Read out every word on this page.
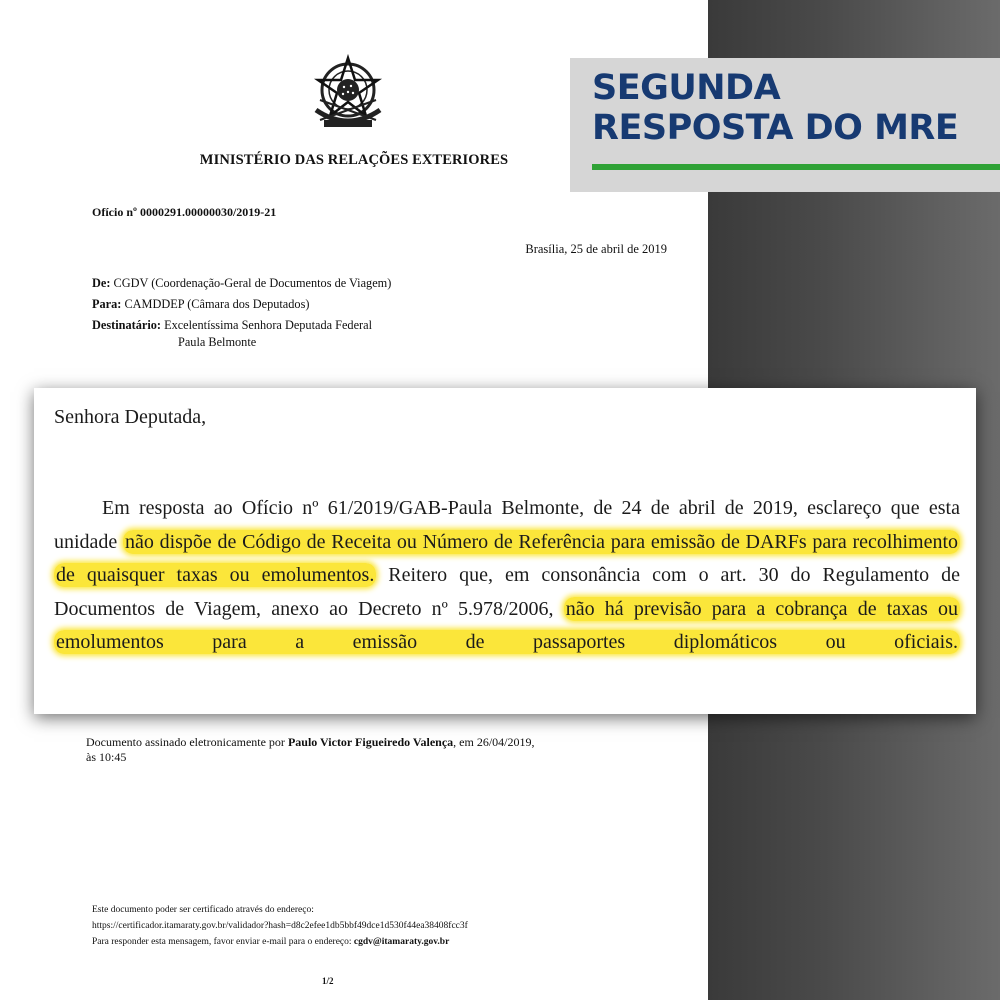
MINISTÉRIO DAS RELAÇÕES EXTERIORES
Ofício nº 0000291.00000030/2019-21
Brasília, 25 de abril de 2019
De: CGDV (Coordenação-Geral de Documentos de Viagem)
Para: CAMDDEP (Câmara dos Deputados)
Destinatário: Excelentíssima Senhora Deputada Federal
Paula Belmonte
Documento assinado eletronicamente por Paulo Victor Figueiredo Valença, em 26/04/2019,
às 10:45
Este documento poder ser certificado através do endereço:
https://certificador.itamaraty.gov.br/validador?hash=d8c2efee1db5bbf49dce1d530f44ea38408fcc3f
Para responder esta mensagem, favor enviar e-mail para o endereço: cgdv@itamaraty.gov.br
1/2
SEGUNDA
RESPOSTA DO MRE
Senhora Deputada,
Em resposta ao Ofício nº 61/2019/GAB-Paula Belmonte, de 24 de abril de 2019, esclareço que esta unidade não dispõe de Código de Receita ou Número de Referência para emissão de DARFs para recolhimento de quaisquer taxas ou emolumentos. Reitero que, em consonância com o art. 30 do Regulamento de Documentos de Viagem, anexo ao Decreto nº 5.978/2006, não há previsão para a cobrança de taxas ou emolumentos para a emissão de passaportes diplomáticos ou oficiais.
